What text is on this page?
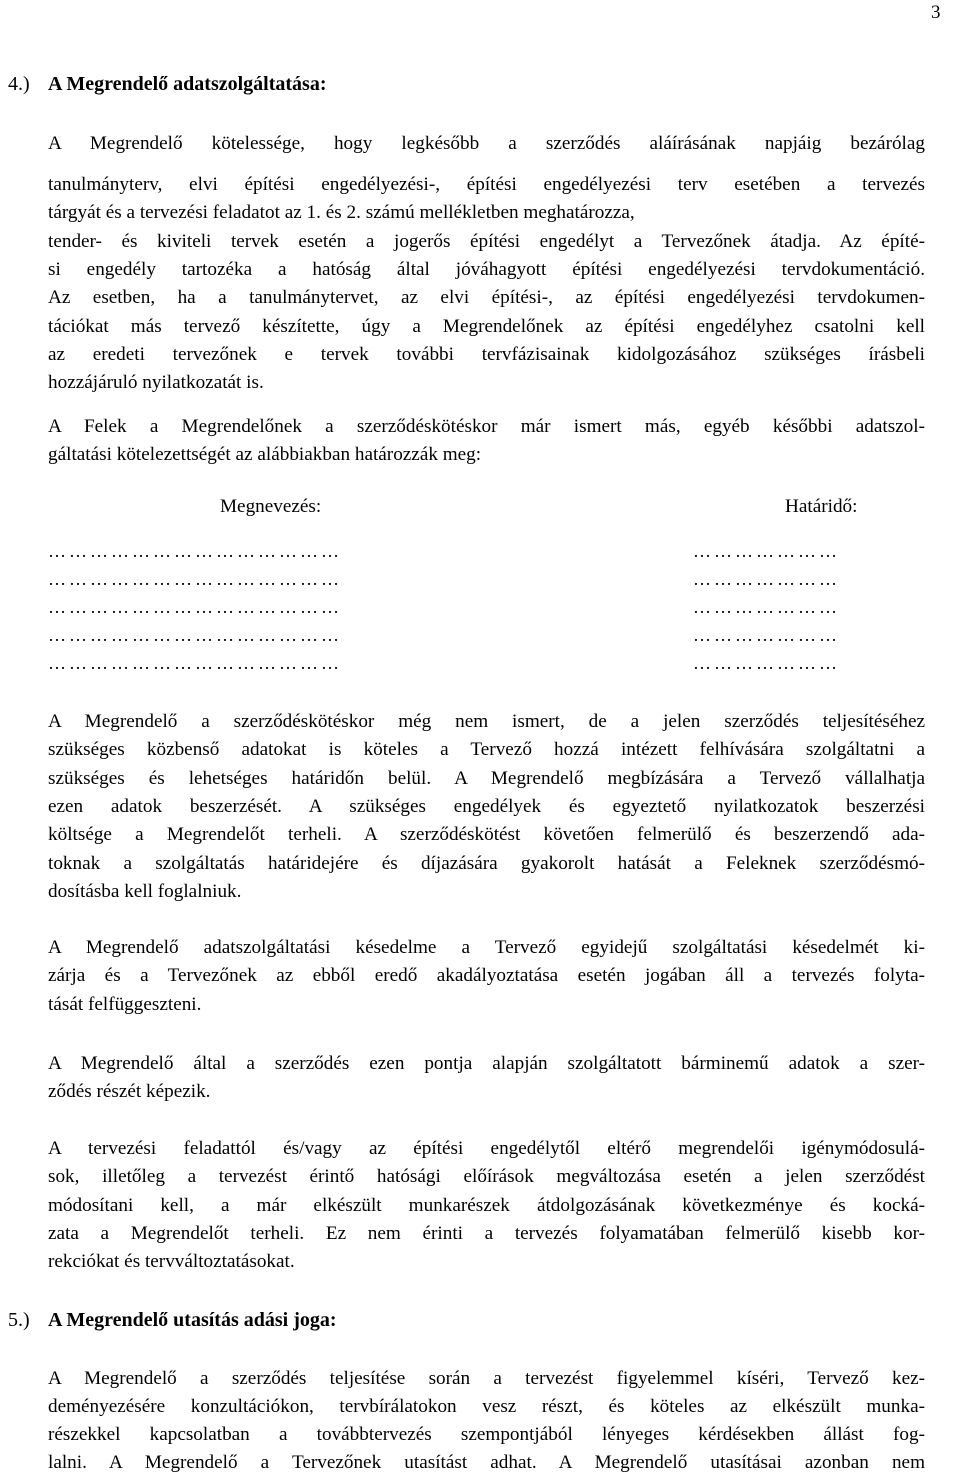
3
4.) A Megrendelő adatszolgáltatása:
A Megrendelő kötelessége, hogy legkésőbb a szerződés aláírásának napjáig bezárólag
tanulmányterv, elvi építési engedélyezési-, építési engedélyezési terv esetében a tervezés
tárgyát és a tervezési feladatot az 1. és 2. számú mellékletben meghatározza,
tender- és kiviteli tervek esetén a jogerős építési engedélyt a Tervezőnek átadja. Az építé-
si engedély tartozéka a hatóság által jóváhagyott építési engedélyezési tervdokumentáció.
Az esetben, ha a tanulmánytervet, az elvi építési-, az építési engedélyezési tervdokumen-
tációkat más tervező készítette, úgy a Megrendelőnek az építési engedélyhez csatolni kell
az eredeti tervezőnek e tervek további tervfázisainak kidolgozásához szükséges írásbeli
hozzájáruló nyilatkozatát is.
A Felek a Megrendelőnek a szerződéskötéskor már ismert más, egyéb későbbi adatszol-
gáltatási kötelezettségét az alábbiakban határozzák meg:
Megnevezés:	Határidő:
……………………………………
……………………………………
……………………………………
……………………………………
……………………………………
…………………
…………………
…………………
…………………
…………………
A Megrendelő a szerződéskötéskor még nem ismert, de a jelen szerződés teljesítéséhez
szükséges közbenső adatokat is köteles a Tervező hozzá intézett felhívására szolgáltatni a
szükséges és lehetséges határidőn belül. A Megrendelő megbízására a Tervező vállalhatja
ezen adatok beszerzését. A szükséges engedélyek és egyeztető nyilatkozatok beszerzési
költsége a Megrendelőt terheli. A szerződéskötést követően felmerülő és beszerzendő ada-
toknak a szolgáltatás határidejére és díjazására gyakorolt hatását a Feleknek szerződésmó-
dosításba kell foglalniuk.
A Megrendelő adatszolgáltatási késedelme a Tervező egyidejű szolgáltatási késedelmét ki-
zárja és a Tervezőnek az ebből eredő akadályoztatása esetén jogában áll a tervezés folyta-
tását felfüggeszteni.
A Megrendelő által a szerződés ezen pontja alapján szolgáltatott bárminemű adatok a szer-
ződés részét képezik.
A tervezési feladattól és/vagy az építési engedélytől eltérő megrendelői igénymódosulá-
sok, illetőleg a tervezést érintő hatósági előírások megváltozása esetén a jelen szerződést
módosítani kell, a már elkészült munkarészek átdolgozásának következménye és kocká-
zata a Megrendelőt terheli. Ez nem érinti a tervezés folyamatában felmerülő kisebb kor-
rekciókat és tervváltoztatásokat.
5.) A Megrendelő utasítás adási joga:
A Megrendelő a szerződés teljesítése során a tervezést figyelemmel kíséri, Tervező kez-
deményezésére konzultációkon, tervbírálatokon vesz részt, és köteles az elkészült munka-
részekkel kapcsolatban a továbbtervezés szempontjából lényeges kérdésekben állást fog-
lalni. A Megrendelő a Tervezőnek utasítást adhat. A Megrendelő utasításai azonban nem
